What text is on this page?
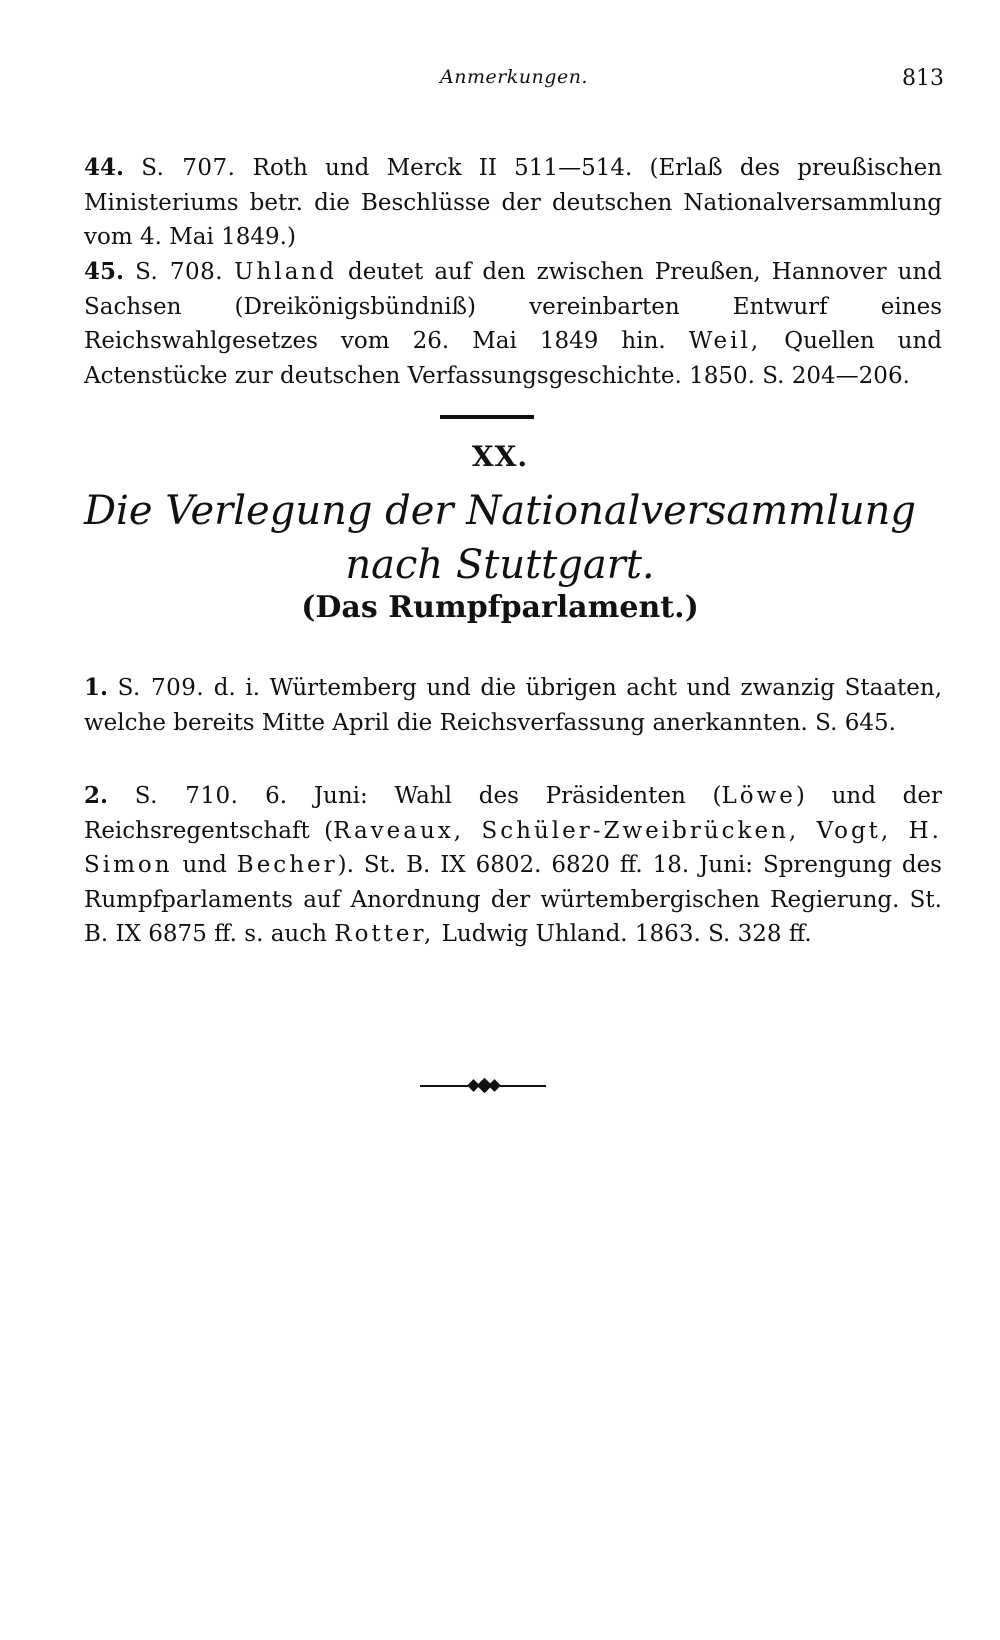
Anmerkungen.	813

44. S. 707. Roth und Merck II 511—514. (Erlaß des preußischen Ministeriums betr. die Beschlüsse der deutschen Nationalversammlung vom 4. Mai 1849.)

45. S. 708. Uhland deutet auf den zwischen Preußen, Hannover und Sachsen (Dreikönigsbündniß) vereinbarten Entwurf eines Reichswahlgesetzes vom 26. Mai 1849 hin. Weil, Quellen und Actenstücke zur deutschen Verfassungsgeschichte. 1850. S. 204—206.

XX.
Die Verlegung der Nationalversammlung
nach Stuttgart.
(Das Rumpfparlament.)

1. S. 709. d. i. Würtemberg und die übrigen acht und zwanzig Staaten, welche bereits Mitte April die Reichsverfassung anerkannten. S. 645.

2. S. 710. 6. Juni: Wahl des Präsidenten (Löwe) und der Reichsregentschaft (Raveaux, Schüler-Zweibrücken, Vogt, H. Simon und Becher). St. B. IX 6802. 6820 ff. 18. Juni: Sprengung des Rumpfparlaments auf Anordnung der würtembergischen Regierung. St. B. IX 6875 ff. s. auch Rotter, Ludwig Uhland. 1863. S. 328 ff.
